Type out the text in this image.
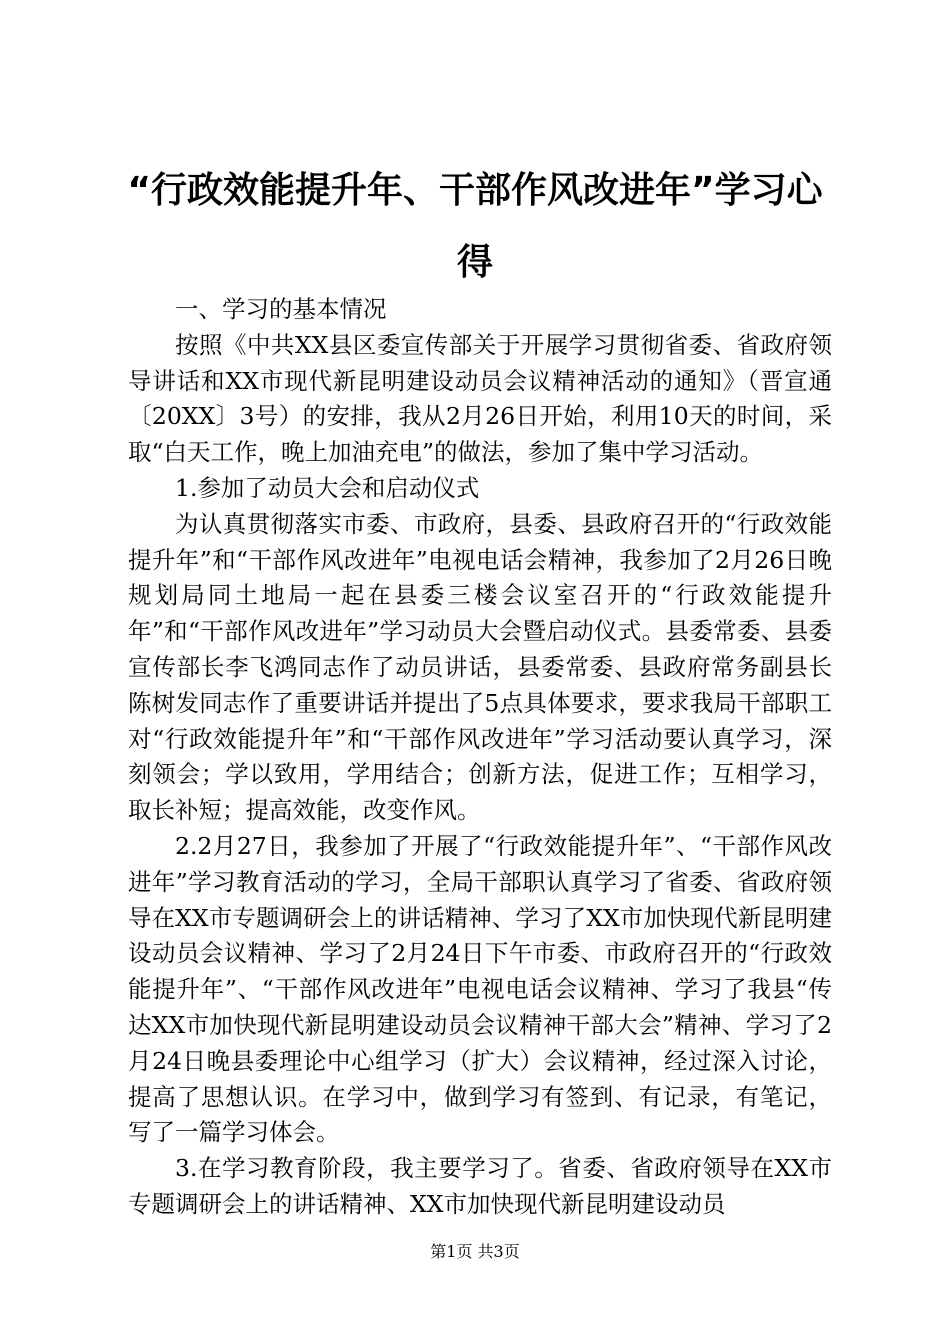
“行政效能提升年、干部作风改进年”学习心得

一、学习的基本情况

按照《中共XX县区委宣传部关于开展学习贯彻省委、省政府领导讲话和XX市现代新昆明建设动员会议精神活动的通知》（晋宣通〔20XX〕3号）的安排，我从2月26日开始，利用10天的时间，采取“白天工作，晚上加油充电”的做法，参加了集中学习活动。

1.参加了动员大会和启动仪式

为认真贯彻落实市委、市政府，县委、县政府召开的“行政效能提升年”和“干部作风改进年”电视电话会精神，我参加了2月26日晚规划局同土地局一起在县委三楼会议室召开的“行政效能提升年”和“干部作风改进年”学习动员大会暨启动仪式。县委常委、县委宣传部长李飞鸿同志作了动员讲话，县委常委、县政府常务副县长陈树发同志作了重要讲话并提出了5点具体要求，要求我局干部职工对“行政效能提升年”和“干部作风改进年”学习活动要认真学习，深刻领会；学以致用，学用结合；创新方法，促进工作；互相学习，取长补短；提高效能，改变作风。

2.2月27日，我参加了开展了“行政效能提升年”、“干部作风改进年”学习教育活动的学习，全局干部职认真学习了省委、省政府领导在XX市专题调研会上的讲话精神、学习了XX市加快现代新昆明建设动员会议精神、学习了2月24日下午市委、市政府召开的“行政效能提升年”、“干部作风改进年”电视电话会议精神、学习了我县“传达XX市加快现代新昆明建设动员会议精神干部大会”精神、学习了2月24日晚县委理论中心组学习（扩大）会议精神，经过深入讨论，提高了思想认识。在学习中，做到学习有签到、有记录，有笔记，写了一篇学习体会。

3.在学习教育阶段，我主要学习了。省委、省政府领导在XX市专题调研会上的讲话精神、XX市加快现代新昆明建设动员

第1页 共3页
